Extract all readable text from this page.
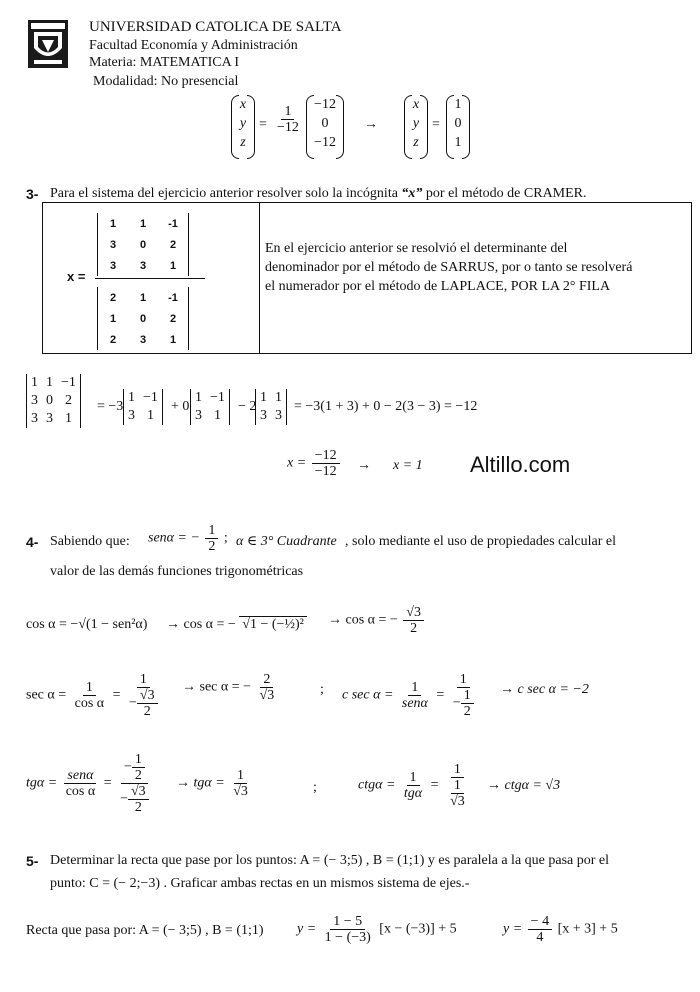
UNIVERSIDAD CATOLICA DE SALTA
Facultad Economía y Administración
Materia: MATEMATICA I
Modalidad: No presencial
x
y
z
= $\frac{1}{-12} -12$
0
−12
→
x
y
z
=
1
0
1
3- Para el sistema del ejercicio anterior resolver solo la incógnita “x” por el método de CRAMER.
x =
1	1	-1
3	0	2
3	3	1
2	1	-1
1	0	2
2	3	1
En el ejercicio anterior se resolvió el determinante del
denominador por el método de SARRUS, por o tanto se resolverá
el numerador por el método de LAPLACE, POR LA 2° FILA
1	1	−1
3	0	2
3	3	1
= −3
1	−1
3	1
+ 0
1	−1
3	1
− 2
1	1
3	3
= −3(1 + 3) + 0 − 2(3 − 3) = −12
$x = \frac{-12}{-12} \to x = 1$ Altillo.com
4- Sabiendo que: senα = − $\frac{1}{2}$ ; α ∈ 3° Cuadrante , solo mediante el uso de propiedades calcular el
valor de las demás funciones trigonométricas
cos α = −√(1 − sen²α) → cos α = − √1 − (−½)² → cos α = − $\frac{√3}{2}$
$\sec \alpha = \frac{1}{\text{cos α}} = \frac{1}{- \frac{√3}{2}} \to \sec \alpha$ = − $\frac{2}{√3}$	; c $\sec \alpha = \frac{1}{\text{senα}} = \frac{1}{- \frac{1}{2}} \to c$ sec α = −2
$tg\alpha = \frac{\text{senα}}{\text{cos α}} = \frac{- \frac{1}{2}}{- \frac{√3}{2}} \to tg\alpha = \frac{1}{√3}$	;	$ctg\alpha = \frac{1}{\text{tgα}} = \frac{1}{\frac{1}{√3}} \to ctg\alpha = √3$
5- Determinar la recta que pase por los puntos: A = (− 3;5) , B = (1;1) y es paralela a la que pasa por el
punto: C = (− 2;−3) . Graficar ambas rectas en un mismos sistema de ejes.-
Recta que pasa por: A = (− 3;5) , B = (1;1) $y = \frac{1 - 5}{1 - (-3)} [x - (-3)] + 5$	$y = \frac{- 4}{4} [x + 3] + 5$
